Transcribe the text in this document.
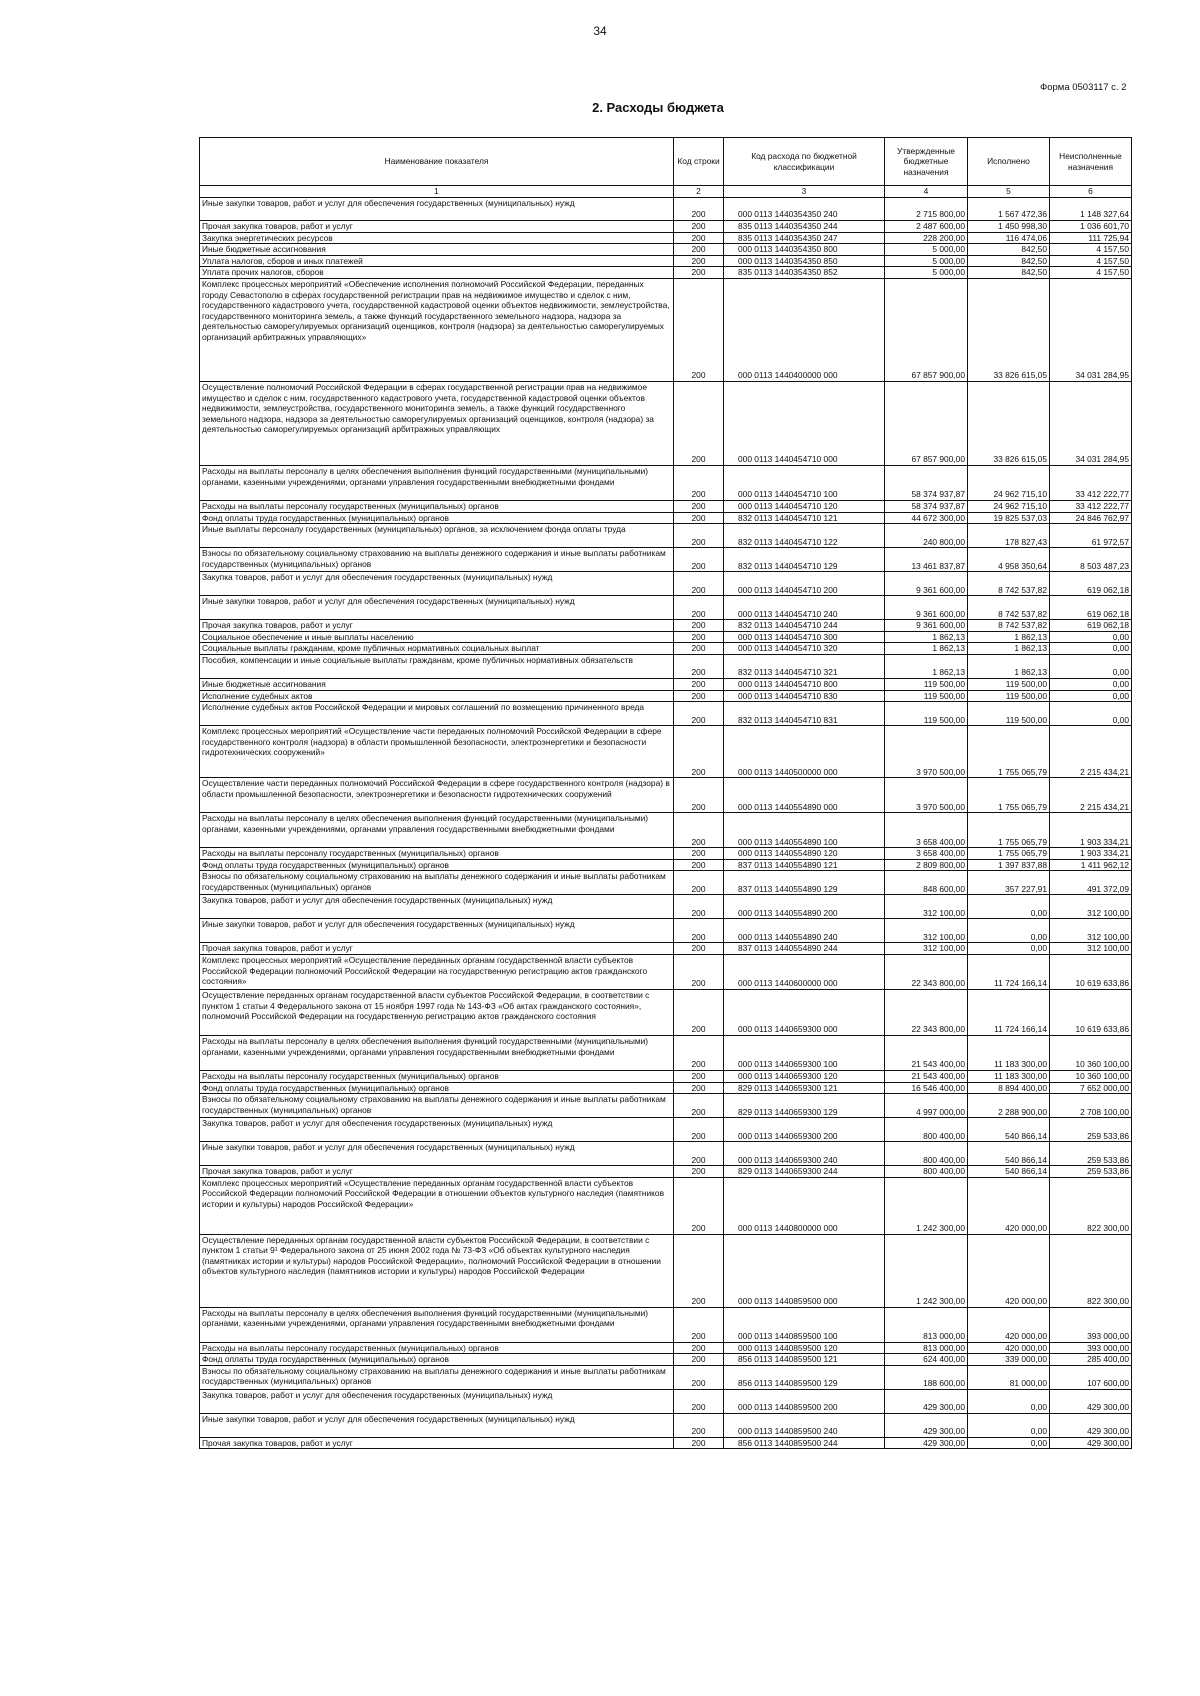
34
Форма 0503117 с. 2
2. Расходы бюджета
Наименование показателя	Код строки	Код расхода по бюджетной классификации	Утвержденные бюджетные назначения	Исполнено	Неисполненные назначения
1	2	3	4	5	6
Иные закупки товаров, работ и услуг для обеспечения государственных (муниципальных) нужд	200	000 0113 1440354350 240	2 715 800,00	1 567 472,36	1 148 327,64
Прочая закупка товаров, работ и услуг	200	835 0113 1440354350 244	2 487 600,00	1 450 998,30	1 036 601,70
Закупка энергетических ресурсов	200	835 0113 1440354350 247	228 200,00	116 474,06	111 725,94
Иные бюджетные ассигнования	200	000 0113 1440354350 800	5 000,00	842,50	4 157,50
Уплата налогов, сборов и иных платежей	200	000 0113 1440354350 850	5 000,00	842,50	4 157,50
Уплата прочих налогов, сборов	200	835 0113 1440354350 852	5 000,00	842,50	4 157,50
Комплекс процессных мероприятий «Обеспечение исполнения полномочий Российской Федерации, переданных городу Севастополю в сферах государственной регистрации прав на недвижимое имущество и сделок с ним, государственного кадастрового учета, государственной кадастровой оценки объектов недвижимости, землеустройства, государственного мониторинга земель, а также функций государственного земельного надзора, надзора за деятельностью саморегулируемых организаций оценщиков, контроля (надзора) за деятельностью саморегулируемых организаций арбитражных управляющих»	200	000 0113 1440400000 000	67 857 900,00	33 826 615,05	34 031 284,95
Осуществление полномочий Российской Федерации в сферах государственной регистрации прав на недвижимое имущество и сделок с ним, государственного кадастрового учета, государственной кадастровой оценки объектов недвижимости, землеустройства, государственного мониторинга земель, а также функций государственного земельного надзора, надзора за деятельностью саморегулируемых организаций оценщиков, контроля (надзора) за деятельностью саморегулируемых организаций арбитражных управляющих	200	000 0113 1440454710 000	67 857 900,00	33 826 615,05	34 031 284,95
Расходы на выплаты персоналу в целях обеспечения выполнения функций государственными (муниципальными) органами, казенными учреждениями, органами управления государственными внебюджетными фондами	200	000 0113 1440454710 100	58 374 937,87	24 962 715,10	33 412 222,77
Расходы на выплаты персоналу государственных (муниципальных) органов	200	000 0113 1440454710 120	58 374 937,87	24 962 715,10	33 412 222,77
Фонд оплаты труда государственных (муниципальных) органов	200	832 0113 1440454710 121	44 672 300,00	19 825 537,03	24 846 762,97
Иные выплаты персоналу государственных (муниципальных) органов, за исключением фонда оплаты труда	200	832 0113 1440454710 122	240 800,00	178 827,43	61 972,57
Взносы по обязательному социальному страхованию на выплаты денежного содержания и иные выплаты работникам государственных (муниципальных) органов	200	832 0113 1440454710 129	13 461 837,87	4 958 350,64	8 503 487,23
Закупка товаров, работ и услуг для обеспечения государственных (муниципальных) нужд	200	000 0113 1440454710 200	9 361 600,00	8 742 537,82	619 062,18
Иные закупки товаров, работ и услуг для обеспечения государственных (муниципальных) нужд	200	000 0113 1440454710 240	9 361 600,00	8 742 537,82	619 062,18
Прочая закупка товаров, работ и услуг	200	832 0113 1440454710 244	9 361 600,00	8 742 537,82	619 062,18
Социальное обеспечение и иные выплаты населению	200	000 0113 1440454710 300	1 862,13	1 862,13	0,00
Социальные выплаты гражданам, кроме публичных нормативных социальных выплат	200	000 0113 1440454710 320	1 862,13	1 862,13	0,00
Пособия, компенсации и иные социальные выплаты гражданам, кроме публичных нормативных обязательств	200	832 0113 1440454710 321	1 862,13	1 862,13	0,00
Иные бюджетные ассигнования	200	000 0113 1440454710 800	119 500,00	119 500,00	0,00
Исполнение судебных актов	200	000 0113 1440454710 830	119 500,00	119 500,00	0,00
Исполнение судебных актов Российской Федерации и мировых соглашений по возмещению причиненного вреда	200	832 0113 1440454710 831	119 500,00	119 500,00	0,00
Комплекс процессных мероприятий «Осуществление части переданных полномочий Российской Федерации в сфере государственного контроля (надзора) в области промышленной безопасности, электроэнергетики и безопасности гидротехнических сооружений»	200	000 0113 1440500000 000	3 970 500,00	1 755 065,79	2 215 434,21
Осуществление части переданных полномочий Российской Федерации в сфере государственного контроля (надзора) в области промышленной безопасности, электроэнергетики и безопасности гидротехнических сооружений	200	000 0113 1440554890 000	3 970 500,00	1 755 065,79	2 215 434,21
Расходы на выплаты персоналу в целях обеспечения выполнения функций государственными (муниципальными) органами, казенными учреждениями, органами управления государственными внебюджетными фондами	200	000 0113 1440554890 100	3 658 400,00	1 755 065,79	1 903 334,21
Расходы на выплаты персоналу государственных (муниципальных) органов	200	000 0113 1440554890 120	3 658 400,00	1 755 065,79	1 903 334,21
Фонд оплаты труда государственных (муниципальных) органов	200	837 0113 1440554890 121	2 809 800,00	1 397 837,88	1 411 962,12
Взносы по обязательному социальному страхованию на выплаты денежного содержания и иные выплаты работникам государственных (муниципальных) органов	200	837 0113 1440554890 129	848 600,00	357 227,91	491 372,09
Закупка товаров, работ и услуг для обеспечения государственных (муниципальных) нужд	200	000 0113 1440554890 200	312 100,00	0,00	312 100,00
Иные закупки товаров, работ и услуг для обеспечения государственных (муниципальных) нужд	200	000 0113 1440554890 240	312 100,00	0,00	312 100,00
Прочая закупка товаров, работ и услуг	200	837 0113 1440554890 244	312 100,00	0,00	312 100,00
Комплекс процессных мероприятий «Осуществление переданных органам государственной власти субъектов Российской Федерации полномочий Российской Федерации на государственную регистрацию актов гражданского состояния»	200	000 0113 1440600000 000	22 343 800,00	11 724 166,14	10 619 633,86
Осуществление переданных органам государственной власти субъектов Российской Федерации, в соответствии с пунктом 1 статьи 4 Федерального закона от 15 ноября 1997 года № 143-ФЗ «Об актах гражданского состояния», полномочий Российской Федерации на государственную регистрацию актов гражданского состояния	200	000 0113 1440659300 000	22 343 800,00	11 724 166,14	10 619 633,86
Расходы на выплаты персоналу в целях обеспечения выполнения функций государственными (муниципальными) органами, казенными учреждениями, органами управления государственными внебюджетными фондами	200	000 0113 1440659300 100	21 543 400,00	11 183 300,00	10 360 100,00
Расходы на выплаты персоналу государственных (муниципальных) органов	200	000 0113 1440659300 120	21 543 400,00	11 183 300,00	10 360 100,00
Фонд оплаты труда государственных (муниципальных) органов	200	829 0113 1440659300 121	16 546 400,00	8 894 400,00	7 652 000,00
Взносы по обязательному социальному страхованию на выплаты денежного содержания и иные выплаты работникам государственных (муниципальных) органов	200	829 0113 1440659300 129	4 997 000,00	2 288 900,00	2 708 100,00
Закупка товаров, работ и услуг для обеспечения государственных (муниципальных) нужд	200	000 0113 1440659300 200	800 400,00	540 866,14	259 533,86
Иные закупки товаров, работ и услуг для обеспечения государственных (муниципальных) нужд	200	000 0113 1440659300 240	800 400,00	540 866,14	259 533,86
Прочая закупка товаров, работ и услуг	200	829 0113 1440659300 244	800 400,00	540 866,14	259 533,86
Комплекс процессных мероприятий «Осуществление переданных органам государственной власти субъектов Российской Федерации полномочий Российской Федерации в отношении объектов культурного наследия (памятников истории и культуры) народов Российской Федерации»	200	000 0113 1440800000 000	1 242 300,00	420 000,00	822 300,00
Осуществление переданных органам государственной власти субъектов Российской Федерации, в соответствии с пунктом 1 статьи 9¹ Федерального закона от 25 июня 2002 года № 73-ФЗ «Об объектах культурного наследия (памятниках истории и культуры) народов Российской Федерации», полномочий Российской Федерации в отношении объектов культурного наследия (памятников истории и культуры) народов Российской Федерации	200	000 0113 1440859500 000	1 242 300,00	420 000,00	822 300,00
Расходы на выплаты персоналу в целях обеспечения выполнения функций государственными (муниципальными) органами, казенными учреждениями, органами управления государственными внебюджетными фондами	200	000 0113 1440859500 100	813 000,00	420 000,00	393 000,00
Расходы на выплаты персоналу государственных (муниципальных) органов	200	000 0113 1440859500 120	813 000,00	420 000,00	393 000,00
Фонд оплаты труда государственных (муниципальных) органов	200	856 0113 1440859500 121	624 400,00	339 000,00	285 400,00
Взносы по обязательному социальному страхованию на выплаты денежного содержания и иные выплаты работникам государственных (муниципальных) органов	200	856 0113 1440859500 129	188 600,00	81 000,00	107 600,00
Закупка товаров, работ и услуг для обеспечения государственных (муниципальных) нужд	200	000 0113 1440859500 200	429 300,00	0,00	429 300,00
Иные закупки товаров, работ и услуг для обеспечения государственных (муниципальных) нужд	200	000 0113 1440859500 240	429 300,00	0,00	429 300,00
Прочая закупка товаров, работ и услуг	200	856 0113 1440859500 244	429 300,00	0,00	429 300,00
